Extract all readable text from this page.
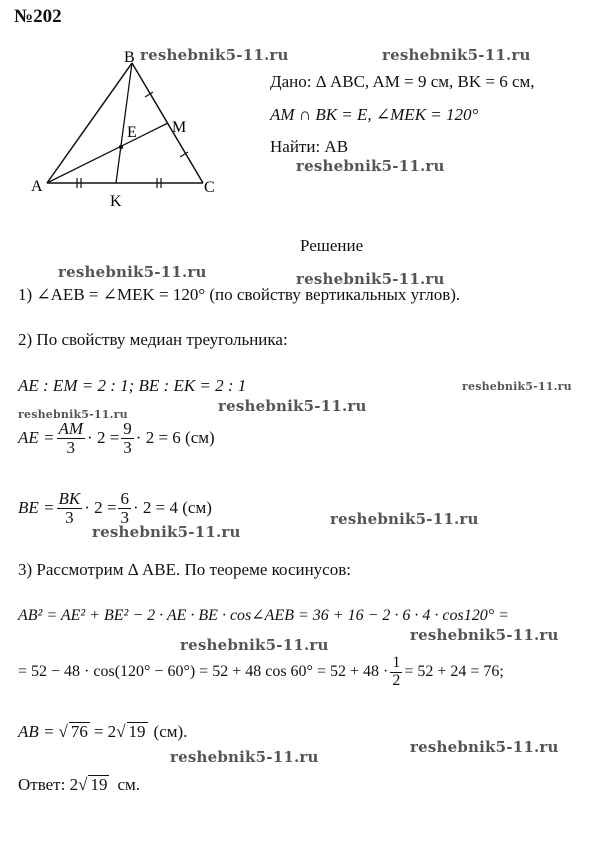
№202
A
B
C
E M
K
reshebnik5-11.ru	reshebnik5-11.ru
reshebnik5-11.ru
reshebnik5-11.ru	reshebnik5-11.ru
reshebnik5-11.ru
reshebnik5-11.ru
reshebnik5-11.ru
reshebnik5-11.ru
reshebnik5-11.ru
reshebnik5-11.ru
reshebnik5-11.ru
reshebnik5-11.ru
reshebnik5-11.ru
Дано: Δ ABC, AM = 9 см, BK = 6 см,
AM ∩ BK = E, ∠MEK = 120°
Найти: AB
Решение
1) ∠AEB = ∠MEK = 120° (по свойству вертикальных углов).
2) По свойству медиан треугольника:
AE : EM = 2 : 1; BE : EK = 2 : 1
AE = $\frac{AM}{3} \cdot 2 = \frac{9}{3} \cdot 2 = 6$ (см)
BE = $\frac{BK}{3} \cdot 2 = \frac{6}{3} \cdot 2 = 4$ (см)
3) Рассмотрим Δ ABE. По теореме косинусов:
AB² = AE² + BE² − 2 · AE · BE · cos∠AEB = 36 + 16 − 2 · 6 · 4 · cos120° =
= 52 − 48 · cos(120° − 60°) = 52 + 48 $\cos 60^\circ = 52 + 48 \cdot \frac{1}{2} = 52 + 24 = 76$;
AB = √ 76 = 2 √ 19 (см).
Ответ: 2 √ 19 см.
